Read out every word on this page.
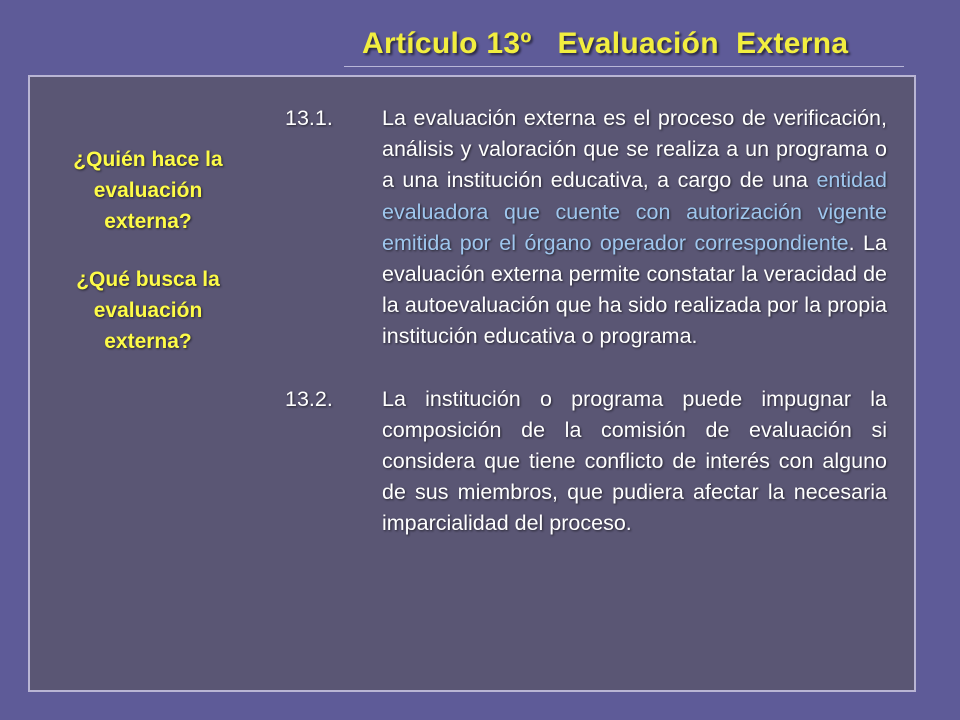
Artículo 13º   Evaluación  Externa

¿Quién hace la evaluación externa?

¿Qué busca la evaluación externa?

13.1. La evaluación externa es el proceso de verificación, análisis y valoración que se realiza a un programa o a una institución educativa, a cargo de una entidad evaluadora que cuente con autorización vigente emitida por el órgano operador correspondiente. La evaluación externa permite constatar la veracidad de la autoevaluación que ha sido realizada por la propia institución educativa o programa.

13.2. La institución o programa puede impugnar la composición de la comisión de evaluación si considera que tiene conflicto de interés con alguno de sus miembros, que pudiera afectar la necesaria imparcialidad del proceso.
